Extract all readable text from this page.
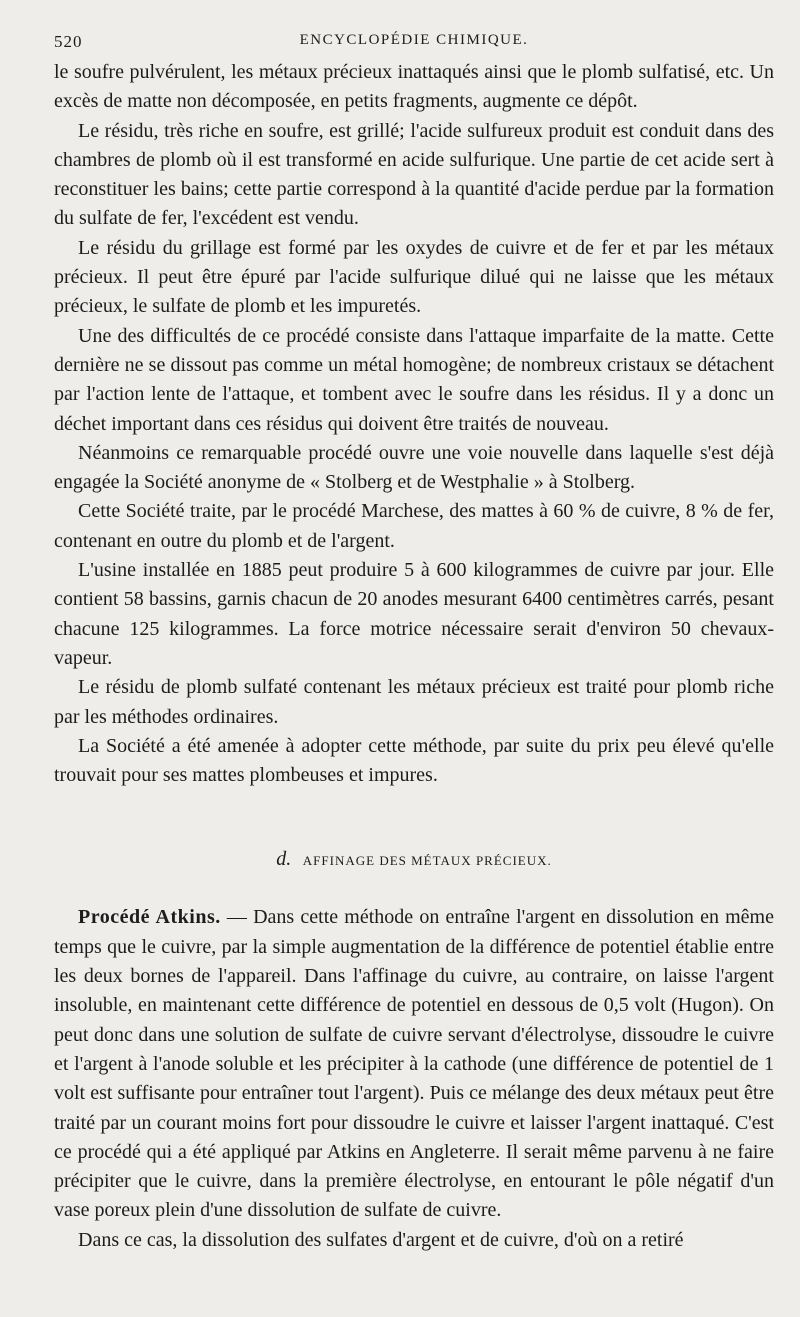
520	ENCYCLOPÉDIE CHIMIQUE.

le soufre pulvérulent, les métaux précieux inattaqués ainsi que le plomb sulfatisé, etc. Un excès de matte non décomposée, en petits fragments, augmente ce dépôt.

Le résidu, très riche en soufre, est grillé; l'acide sulfureux produit est conduit dans des chambres de plomb où il est transformé en acide sulfurique. Une partie de cet acide sert à reconstituer les bains; cette partie correspond à la quantité d'acide perdue par la formation du sulfate de fer, l'excédent est vendu.

Le résidu du grillage est formé par les oxydes de cuivre et de fer et par les métaux précieux. Il peut être épuré par l'acide sulfurique dilué qui ne laisse que les métaux précieux, le sulfate de plomb et les impuretés.

Une des difficultés de ce procédé consiste dans l'attaque imparfaite de la matte. Cette dernière ne se dissout pas comme un métal homogène; de nombreux cristaux se détachent par l'action lente de l'attaque, et tombent avec le soufre dans les résidus. Il y a donc un déchet important dans ces résidus qui doivent être traités de nouveau.

Néanmoins ce remarquable procédé ouvre une voie nouvelle dans laquelle s'est déjà engagée la Société anonyme de « Stolberg et de Westphalie » à Stolberg.

Cette Société traite, par le procédé Marchese, des mattes à 60 % de cuivre, 8 % de fer, contenant en outre du plomb et de l'argent.

L'usine installée en 1885 peut produire 5 à 600 kilogrammes de cuivre par jour. Elle contient 58 bassins, garnis chacun de 20 anodes mesurant 6400 centimètres carrés, pesant chacune 125 kilogrammes. La force motrice nécessaire serait d'environ 50 chevaux-vapeur.

Le résidu de plomb sulfaté contenant les métaux précieux est traité pour plomb riche par les méthodes ordinaires.

La Société a été amenée à adopter cette méthode, par suite du prix peu élevé qu'elle trouvait pour ses mattes plombeuses et impures.

d. AFFINAGE DES MÉTAUX PRÉCIEUX.

Procédé Atkins. — Dans cette méthode on entraîne l'argent en dissolution en même temps que le cuivre, par la simple augmentation de la différence de potentiel établie entre les deux bornes de l'appareil. Dans l'affinage du cuivre, au contraire, on laisse l'argent insoluble, en maintenant cette différence de potentiel en dessous de 0,5 volt (Hugon). On peut donc dans une solution de sulfate de cuivre servant d'électrolyse, dissoudre le cuivre et l'argent à l'anode soluble et les précipiter à la cathode (une différence de potentiel de 1 volt est suffisante pour entraîner tout l'argent). Puis ce mélange des deux métaux peut être traité par un courant moins fort pour dissoudre le cuivre et laisser l'argent inattaqué. C'est ce procédé qui a été appliqué par Atkins en Angleterre. Il serait même parvenu à ne faire précipiter que le cuivre, dans la première électrolyse, en entourant le pôle négatif d'un vase poreux plein d'une dissolution de sulfate de cuivre.

Dans ce cas, la dissolution des sulfates d'argent et de cuivre, d'où on a retiré
